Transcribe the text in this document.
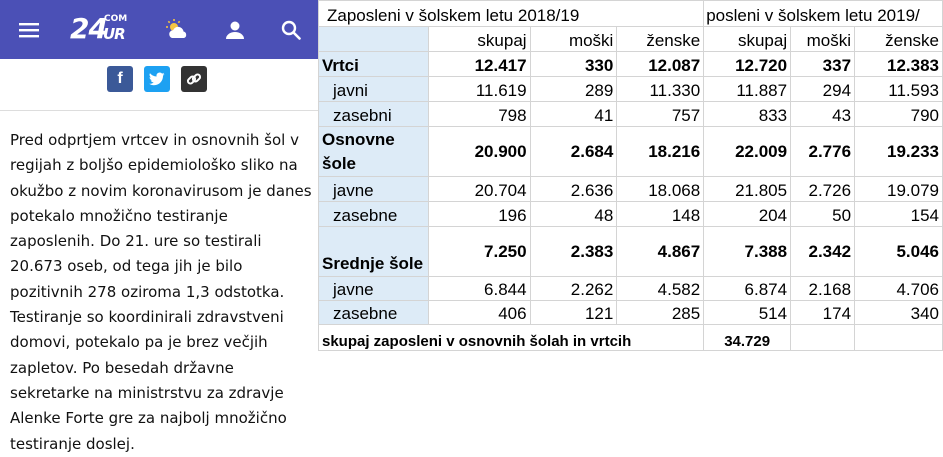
24
COM
UR
f

Pred odprtjem vrtcev in osnovnih šol v regijah z boljšo epidemiološko sliko na okužbo z novim koronavirusom je danes potekalo množično testiranje zaposlenih. Do 21. ure so testirali 20.673 oseb, od tega jih je bilo pozitivnih 278 oziroma 1,3 odstotka. Testiranje so koordinirali zdravstveni domovi, potekalo pa je brez večjih zapletov. Po besedah državne sekretarke na ministrstvu za zdravje Alenke Forte gre za najbolj množično testiranje doslej.

Zaposleni v šolskem letu 2018/19				posleni v šolskem letu 2019/		
	skupaj	moški	ženske	skupaj	moški	ženske
Vrtci	12.417	330	12.087	12.720	337	12.383
javni	11.619	289	11.330	11.887	294	11.593
zasebni	798	41	757	833	43	790
Osnovne šole	20.900	2.684	18.216	22.009	2.776	19.233
javne	20.704	2.636	18.068	21.805	2.726	19.079
zasebne	196	48	148	204	50	154
Srednje šole	7.250	2.383	4.867	7.388	2.342	5.046
javne	6.844	2.262	4.582	6.874	2.168	4.706
zasebne	406	121	285	514	174	340
skupaj zaposleni v osnovnih šolah in vrtcih				34.729		
